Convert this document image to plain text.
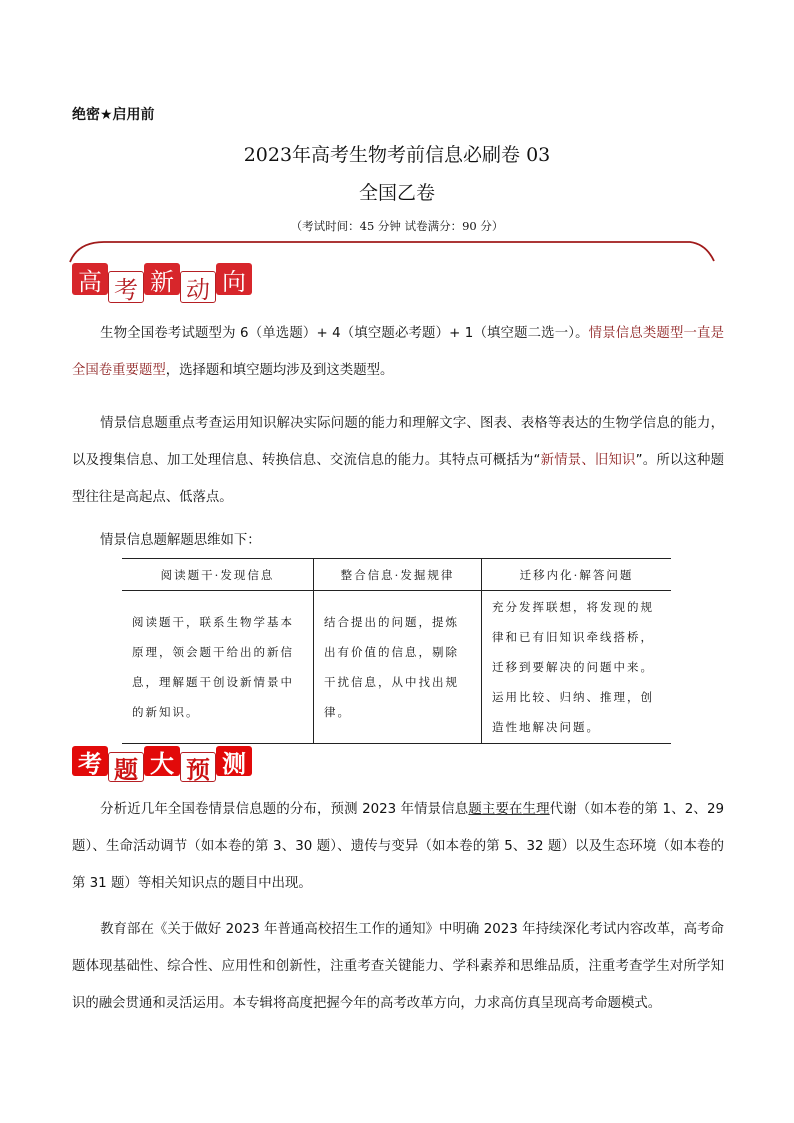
绝密★启用前
2023年高考生物考前信息必刷卷 03
全国乙卷
（考试时间：45 分钟 试卷满分：90 分）
高 考 新 动 向
生物全国卷考试题型为 6（单选题）+ 4（填空题必考题）+ 1（填空题二选一）。情景信息类题型一直是全国卷重要题型，选择题和填空题均涉及到这类题型。
情景信息题重点考查运用知识解决实际问题的能力和理解文字、图表、表格等表达的生物学信息的能力，以及搜集信息、加工处理信息、转换信息、交流信息的能力。其特点可概括为“新情景、旧知识”。所以这种题型往往是高起点、低落点。
情景信息题解题思维如下：
阅读题干·发现信息	整合信息·发掘规律	迁移内化·解答问题
阅读题干，联系生物学基本原理，领会题干给出的新信息，理解题干创设新情景中的新知识。	结合提出的问题，提炼出有价值的信息，剔除干扰信息，从中找出规律。	充分发挥联想，将发现的规律和已有旧知识牵线搭桥，迁移到要解决的问题中来。运用比较、归纳、推理，创造性地解决问题。
考 题 大 预 测
分析近几年全国卷情景信息题的分布，预测 2023 年情景信息题主要在生理代谢（如本卷的第 1、2、29 题）、生命活动调节（如本卷的第 3、30 题）、遗传与变异（如本卷的第 5、32 题）以及生态环境（如本卷的第 31 题）等相关知识点的题目中出现。
教育部在《关于做好 2023 年普通高校招生工作的通知》中明确 2023 年持续深化考试内容改革，高考命题体现基础性、综合性、应用性和创新性，注重考查关键能力、学科素养和思维品质，注重考查学生对所学知识的融会贯通和灵活运用。本专辑将高度把握今年的高考改革方向，力求高仿真呈现高考命题模式。
